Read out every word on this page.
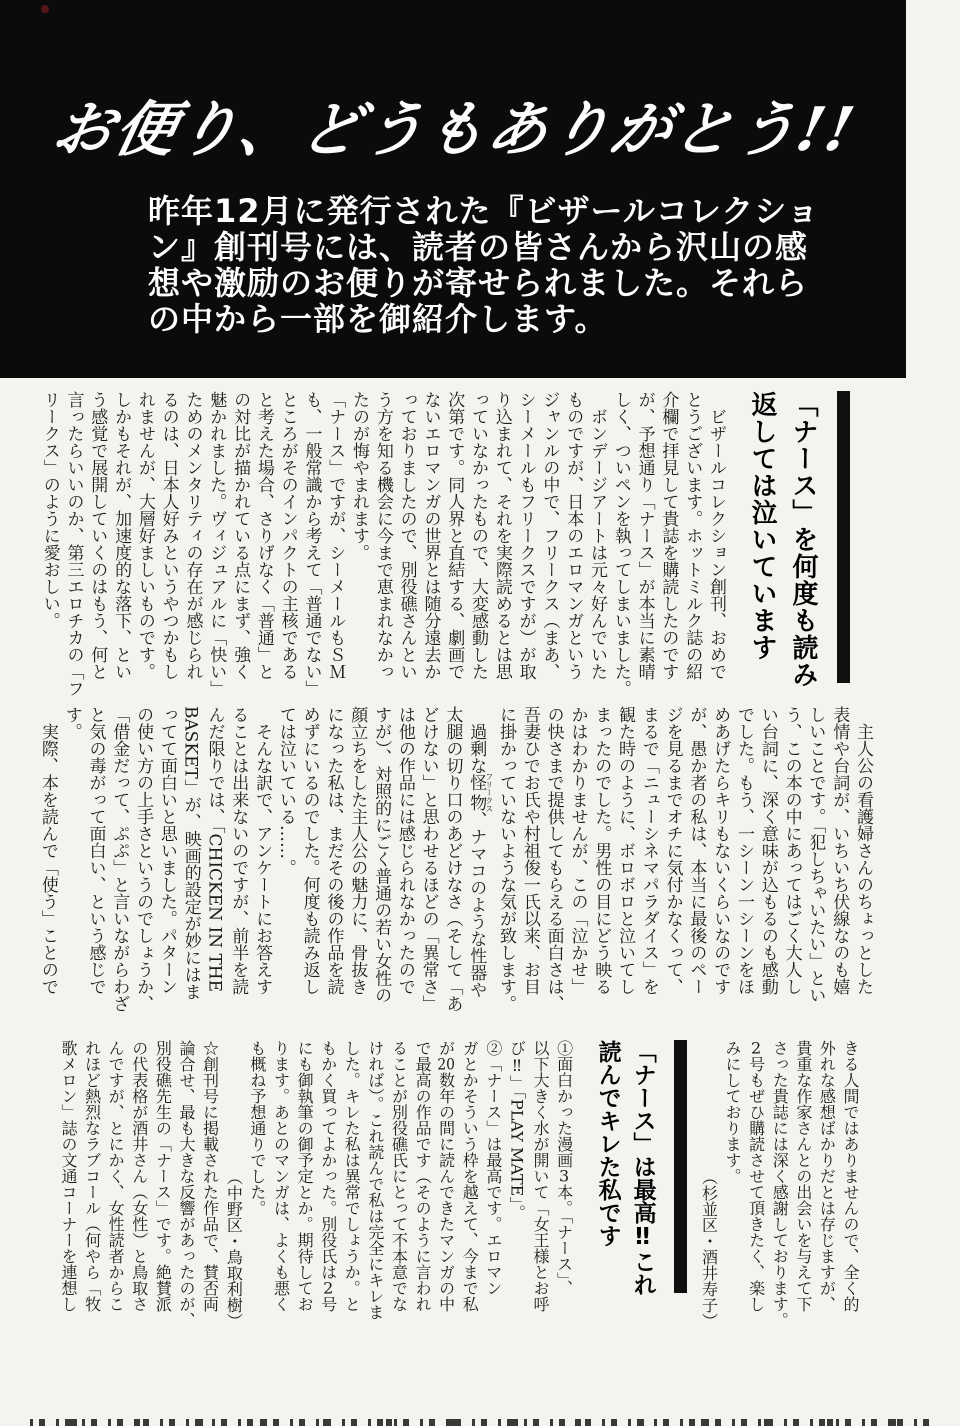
お便り、どうもありがとう!!
昨年12月に発行された『ビザールコレクショ
ン』創刊号には、読者の皆さんから沢山の感
想や激励のお便りが寄せられました。それら
の中から一部を御紹介します。
「ナース」を何度も読み
返しては泣いています
　ビザールコレクション創刊、おめで
とうございます。ホットミルク誌の紹
介欄で拝見して貴誌を購読したのです
が、予想通り「ナース」が本当に素晴
しく、ついペンを執ってしまいました。
　ボンデージアートは元々好んでいた
ものですが、日本のエロマンガという
ジャンルの中で、フリークス（まあ、
シーメールもフリークスですが）が取
り込まれて、それを実際読めるとは思
っていなかったもので、大変感動した
次第です。同人界と直結する、劇画で
ないエロマンガの世界とは随分遠去か
っておりましたので、別役礁さんとい
う方を知る機会に今まで恵まれなかっ
たのが悔やまれます。
「ナース」ですが、シーメールもＳＭ
も、一般常識から考えて「普通でない」
ところがそのインパクトの主核である
と考えた場合、さりげなく「普通」と
の対比が描かれている点にまず、強く
魅かれました。ヴィジュアルに「快い」
ためのメンタリティの存在が感じられ
るのは、日本人好みというやつかもし
れませんが、大層好ましいものです。
しかもそれが、加速度的な落下、とい
う感覚で展開していくのはもう、何と
言ったらいいのか、第三エロチカの「フ
リークス」のように愛おしい。
　主人公の看護婦さんのちょっとした
表情や台詞が、いちいち伏線なのも嬉
しいことです。「犯しちゃいたい」とい
う、この本の中にあってはごく大人し
い台詞に、深く意味が込もるのも感動
でした。もう、一シーン一シーンをほ
めあげたらキリもないくらいなのです
が、愚か者の私は、本当に最後のペー
ジを見るまでオチに気付かなくって、
まるで「ニューシネマパラダイス」を
観た時のように、ボロボロと泣いてし
まったのでした。男性の目にどう映る
かはわかりませんが、この「泣かせ」
の快さまで提供してもらえる面白さは、
吾妻ひでお氏や村祖俊一氏以来、お目
に掛かっていないような気が致します。
　過剰な怪物フリークス、ナマコのような性器や
太腿の切り口のあどけなさ（そして「あ
どけない」と思わせるほどの「異常さ」
は他の作品には感じられなかったので
すが）、対照的にごく普通の若い女性の
顔立ちをした主人公の魅力に、骨抜き
になった私は、まだその後の作品を読
めずにいるのでした。何度も読み返し
ては泣いている……。
　そんな訳で、アンケートにお答えす
ることは出来ないのですが、前半を読
んだ限りでは、「CHICKEN IN THE
BASKET」が、映画的設定が妙にはま
ってて面白いと思いました。パターン
の使い方の上手さというのでしょうか、
「借金だって、ぷぷ」と言いながらわざ
と気の毒がって面白い、という感じで
す。
　実際、本を読んで「使う」ことので
きる人間ではありませんので、全く的
外れな感想ばかりだとは存じますが、
貴重な作家さんとの出会いを与えて下
さった貴誌には深く感謝しております。
2号もぜひ購読させて頂きたく、楽し
みにしております。
（杉並区・酒井寿子）
「ナース」は最高‼これ
読んでキレた私です
①面白かった漫画3本。「ナース」、
以下大きく水が開いて「女王様とお呼
び‼」「PLAY MATE」。
②「ナース」は最高です。エロマン
ガとかそういう枠を越えて、今まで私
が20数年の間に読んできたマンガの中
で最高の作品です（そのように言われ
ることが別役礁氏にとって不本意でな
ければ）。これ読んで私は完全にキレま
した。キレた私は異常でしょうか。と
もかく買ってよかった。別役氏は2号
にも御執筆の御予定とか。期待してお
ります。あとのマンガは、よくも悪く
も概ね予想通りでした。
（中野区・鳥取利樹）
☆創刊号に掲載された作品で、賛否両
論合せ、最も大きな反響があったのが、
別役礁先生の「ナース」です。絶賛派
の代表格が酒井さん（女性）と鳥取さ
んですが、とにかく、女性読者からこ
れほど熱烈なラブコール（何やら「牧
歌メロン」誌の文通コーナーを連想し
